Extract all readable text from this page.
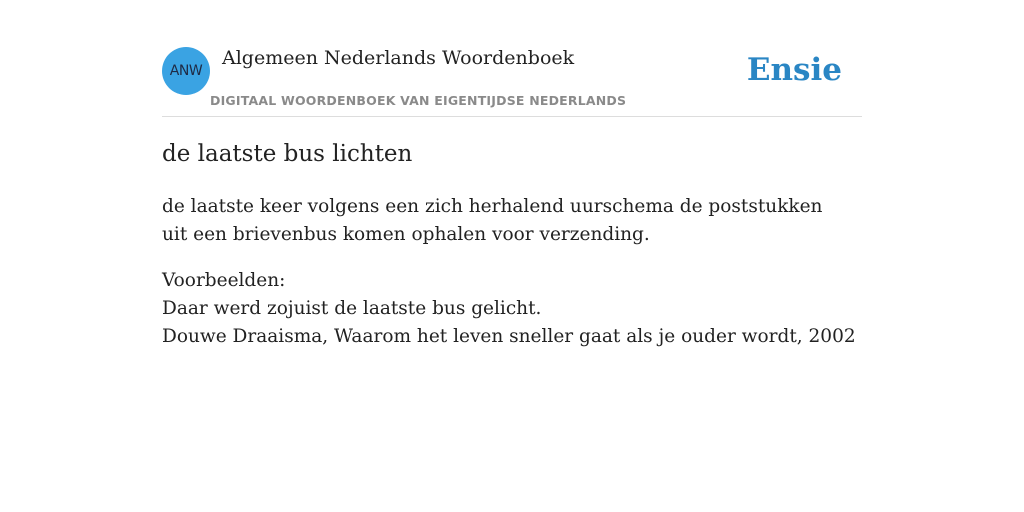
ANW
Algemeen Nederlands Woordenboek
DIGITAAL WOORDENBOEK VAN EIGENTIJDSE NEDERLANDS
Ensie
de laatste bus lichten

de laatste keer volgens een zich herhalend uurschema de poststukken uit een brievenbus komen ophalen voor verzending.

Voorbeelden:
Daar werd zojuist de laatste bus gelicht.
Douwe Draaisma, Waarom het leven sneller gaat als je ouder wordt, 2002
